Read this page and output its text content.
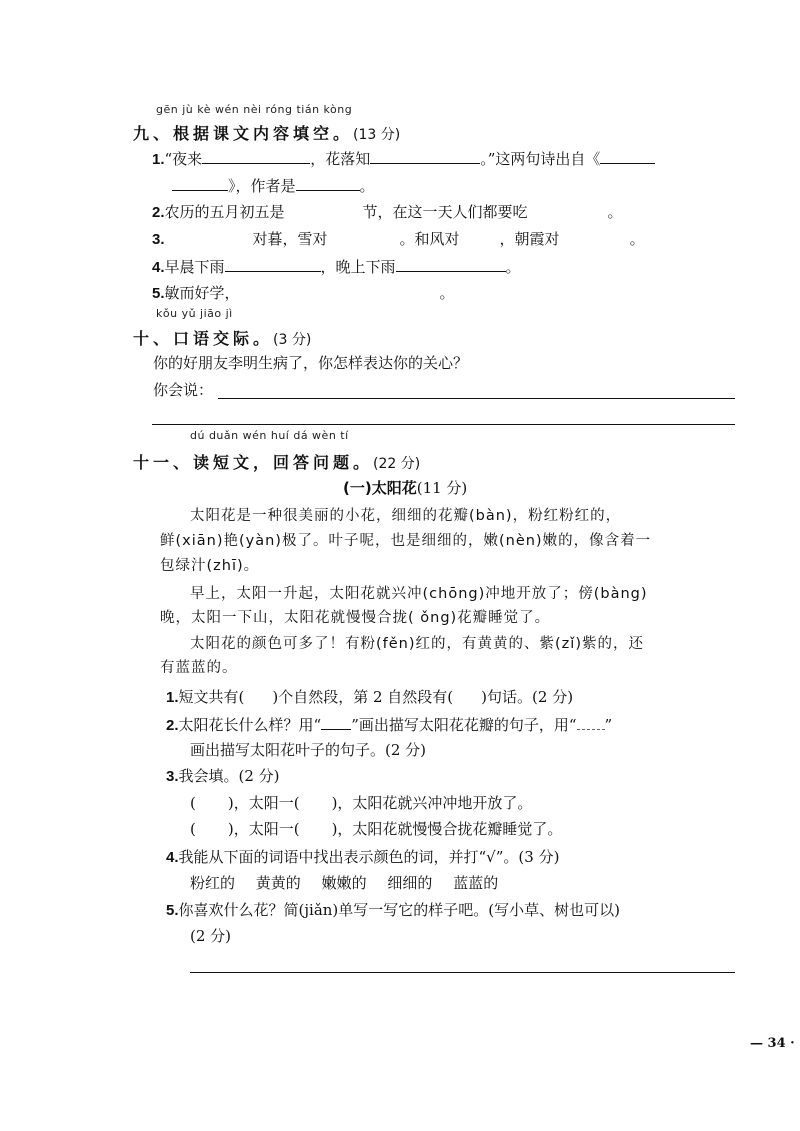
gēn jù kè wén nèi róng tián kòng
九、根据课文内容填空。(13 分)
1.“夜来	，花落知	。”这两句诗出自《
》，作者是	。
2.农历的五月初五是	节，在这一天人们都要吃	。
3.	对暮，雪对	。和风对	，朝霞对	。
4.早晨下雨	，晚上下雨	。
5.敏而好学，	。
kǒu yǔ jiāo jì
十、口语交际。(3 分)
你的好朋友李明生病了，你怎样表达你的关心？
你会说：
dú duǎn wén huí dá wèn tí
十一、读短文，回答问题。(22 分)
(一)太阳花(11 分)
太阳花是一种很美丽的小花，细细的花瓣(bàn)，粉红粉红的，
鲜(xiān)艳(yàn)极了。叶子呢，也是细细的，嫩(nèn)嫩的，像含着一
包绿汁(zhī)。
早上，太阳一升起，太阳花就兴冲(chōng)冲地开放了；傍(bàng)
晚，太阳一下山，太阳花就慢慢合拢( ǒng)花瓣睡觉了。
太阳花的颜色可多了！有粉(fěn)红的，有黄黄的、紫(zǐ)紫的，还
有蓝蓝的。
1.短文共有( )个自然段，第 2 自然段有( )句话。(2 分)
2.太阳花长什么样？用“ ”画出描写太阳花花瓣的句子，用“ ”
画出描写太阳花叶子的句子。(2 分)
3.我会填。(2 分)
( )，太阳一( )，太阳花就兴冲冲地开放了。
( )，太阳一( )，太阳花就慢慢合拢花瓣睡觉了。
4.我能从下面的词语中找出表示颜色的词，并打“√”。(3 分)
粉红的 黄黄的 嫩嫩的 细细的 蓝蓝的
5.你喜欢什么花？简(jiǎn)单写一写它的样子吧。(写小草、树也可以)
(2 分)
— 34 ·
